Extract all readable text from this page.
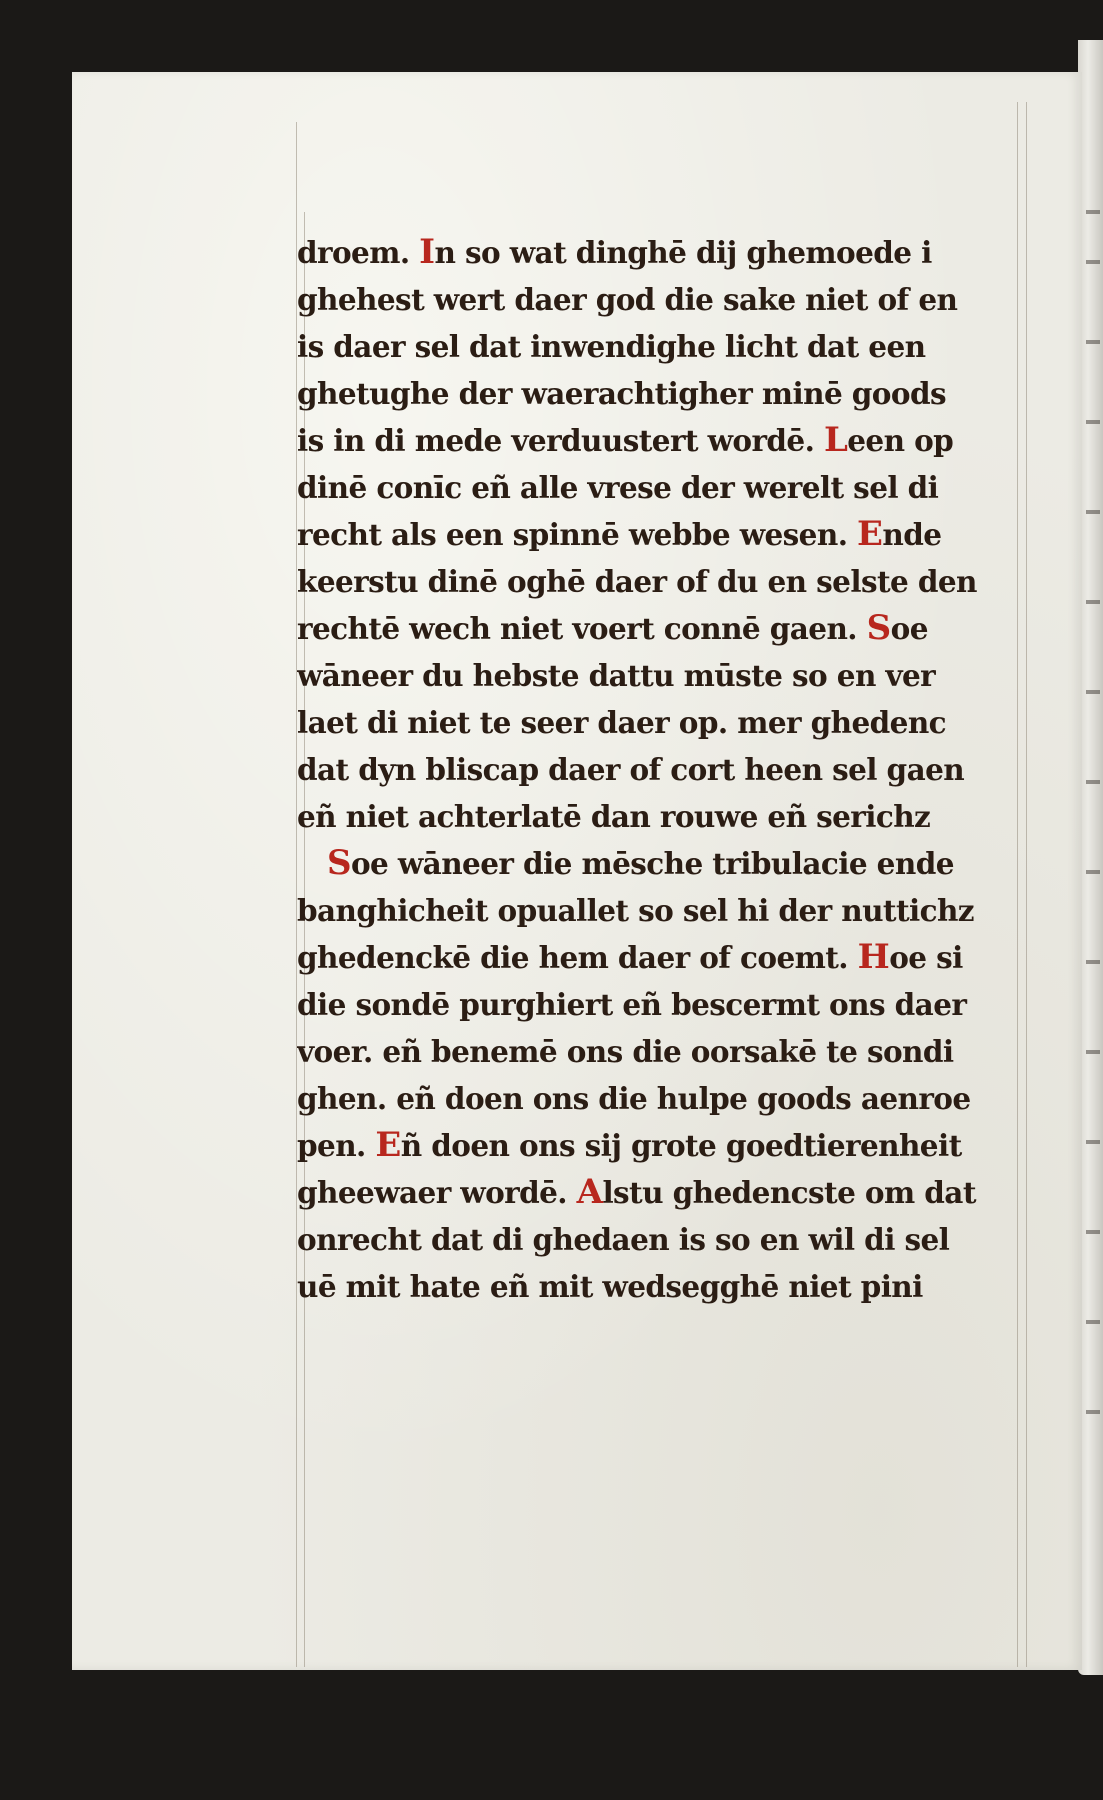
droem. In so wat dinghē dij ghemoede i
ghehest wert daer god die sake niet of en
is daer sel dat inwendighe licht dat een
ghetughe der waerachtigher minē goods
is in di mede verduustert wordē. Leen op
dinē conīc eñ alle vrese der werelt sel di
recht als een spinnē webbe wesen. Ende
keerstu dinē oghē daer of du en selste den
rechtē wech niet voert connē gaen. Soe
wāneer du hebste dattu mūste so en ver
laet di niet te seer daer op. mer ghedenc
dat dyn bliscap daer of cort heen sel gaen
eñ niet achterlatē dan rouwe eñ serichz
Soe wāneer die mēsche tribulacie ende
banghicheit opuallet so sel hi der nuttichz
ghedenckē die hem daer of coemt. Hoe si
die sondē purghiert eñ bescermt ons daer
voer. eñ benemē ons die oorsakē te sondi
ghen. eñ doen ons die hulpe goods aenroe
pen. Eñ doen ons sij grote goedtierenheit
gheewaer wordē. Alstu ghedencste om dat
onrecht dat di ghedaen is so en wil di sel
uē mit hate eñ mit wedsegghē niet pini
